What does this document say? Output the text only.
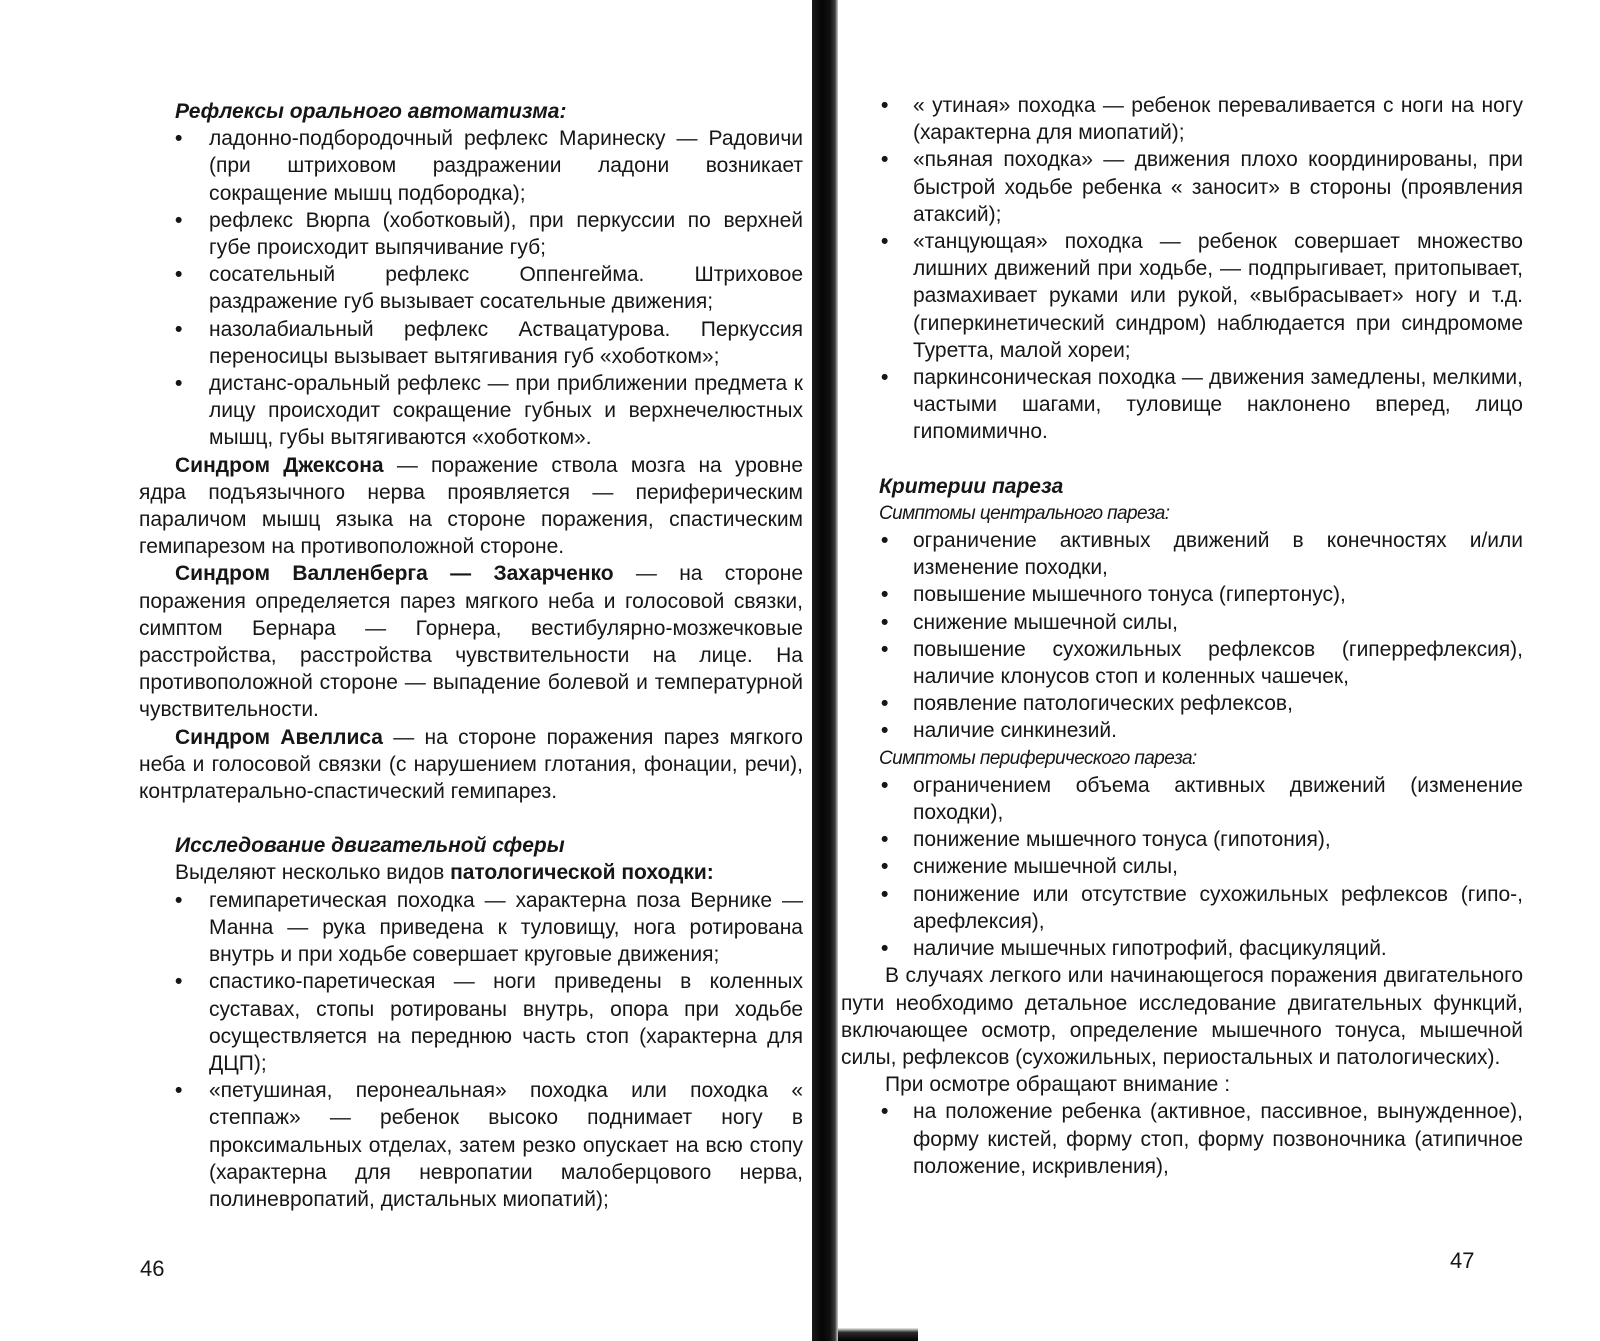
Рефлексы орального автоматизма:

• ладонно-подбородочный рефлекс Маринеску — Радовичи (при штриховом раздражении ладони возникает сокращение мышц подбородка);
• рефлекс Вюрпа (хоботковый), при перкуссии по верхней губе происходит выпячивание губ;
• сосательный рефлекс Оппенгейма. Штриховое раздражение губ вызывает сосательные движения;
• назолабиальный рефлекс Аствацатурова. Перкуссия переносицы вызывает вытягивания губ «хоботком»;
• дистанс-оральный рефлекс — при приближении предмета к лицу происходит сокращение губных и верхнечелюстных мышц, губы вытягиваются «хоботком».

Синдром Джексона — поражение ствола мозга на уровне ядра подъязычного нерва проявляется — периферическим параличом мышц языка на стороне поражения, спастическим гемипарезом на противоположной стороне.

Синдром Валленберга — Захарченко — на стороне поражения определяется парез мягкого неба и голосовой связки, симптом Бернара — Горнера, вестибулярно-мозжечковые расстройства, расстройства чувствительности на лице. На противоположной стороне — выпадение болевой и температурной чувствительности.

Синдром Авеллиса — на стороне поражения парез мягкого неба и голосовой связки (с нарушением глотания, фонации, речи), контрлатерально-спастический гемипарез.

Исследование двигательной сферы

Выделяют несколько видов патологической походки:

• гемипаретическая походка — характерна поза Вернике — Манна — рука приведена к туловищу, нога ротирована внутрь и при ходьбе совершает круговые движения;
• спастико-паретическая — ноги приведены в коленных суставах, стопы ротированы внутрь, опора при ходьбе осуществляется на переднюю часть стоп (характерна для ДЦП);
• «петушиная, перонеальная» походка или походка « степпаж» — ребенок высоко поднимает ногу в проксимальных отделах, затем резко опускает на всю стопу (характерна для невропатии малоберцового нерва, полиневропатий, дистальных миопатий);
46
• « утиная» походка — ребенок переваливается с ноги на ногу (характерна для миопатий);
• «пьяная походка» — движения плохо координированы, при быстрой ходьбе ребенка « заносит» в стороны (проявления атаксий);
• «танцующая» походка — ребенок совершает множество лишних движений при ходьбе, — подпрыгивает, притопывает, размахивает руками или рукой, «выбрасывает» ногу и т.д. (гиперкинетический синдром) наблюдается при синдромоме Туретта, малой хореи;
• паркинсоническая походка — движения замедлены, мелкими, частыми шагами, туловище наклонено вперед, лицо гипомимично.

Критерии пареза

Симптомы центрального пареза:

• ограничение активных движений в конечностях и/или изменение походки,
• повышение мышечного тонуса (гипертонус),
• снижение мышечной силы,
• повышение сухожильных рефлексов (гиперрефлексия), наличие клонусов стоп и коленных чашечек,
• появление патологических рефлексов,
• наличие синкинезий.

Симптомы периферического пареза:

• ограничением объема активных движений (изменение походки),
• понижение мышечного тонуса (гипотония),
• снижение мышечной силы,
• понижение или отсутствие сухожильных рефлексов (гипо-, арефлексия),
• наличие мышечных гипотрофий, фасцикуляций.

В случаях легкого или начинающегося поражения двигательного пути необходимо детальное исследование двигательных функций, включающее осмотр, определение мышечного тонуса, мышечной силы, рефлексов (сухожильных, периостальных и патологических).

При осмотре обращают внимание :

• на положение ребенка (активное, пассивное, вынужденное), форму кистей, форму стоп, форму позвоночника (атипичное положение, искривления),
47
